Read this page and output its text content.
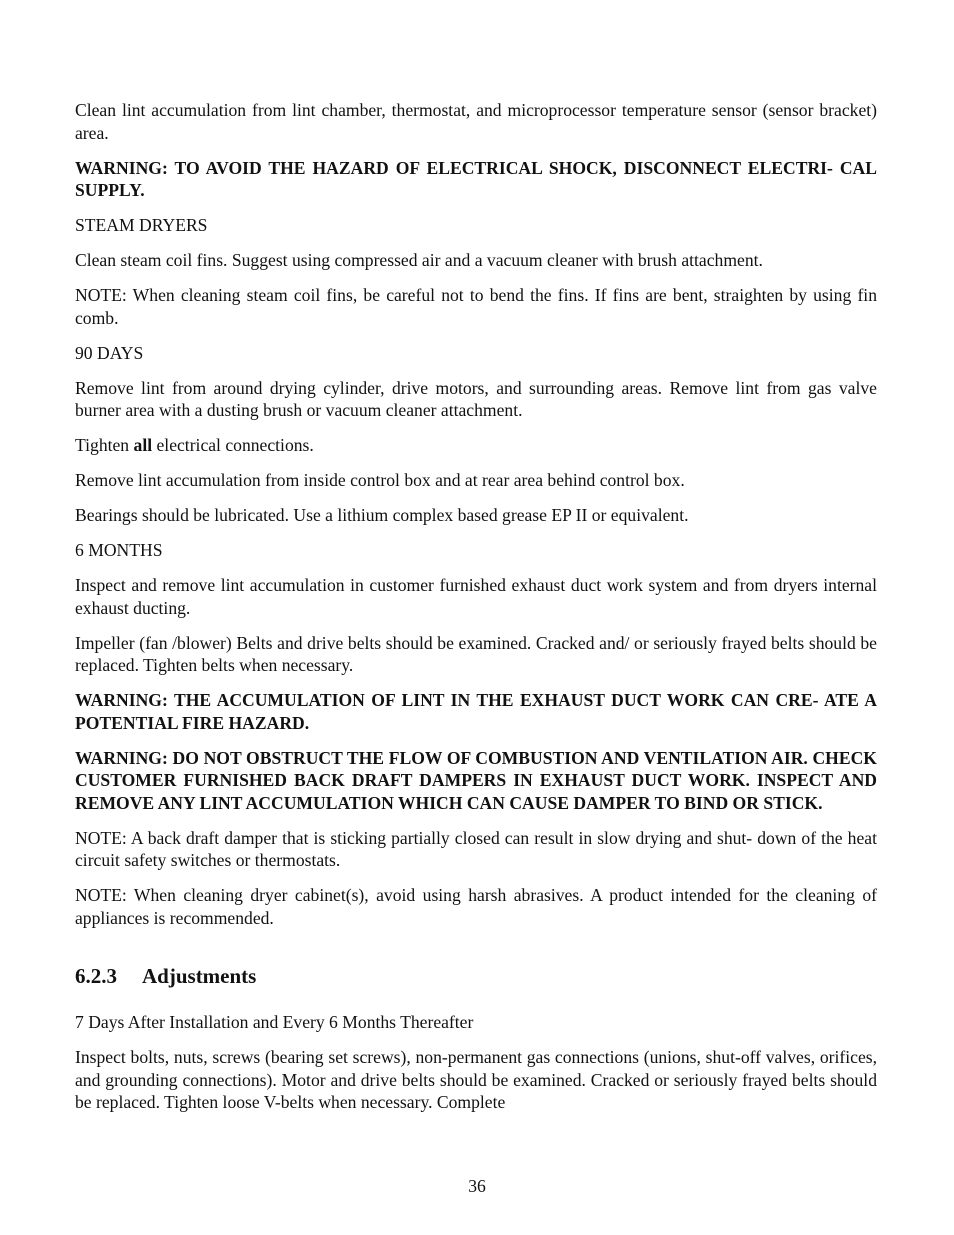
Clean lint accumulation from lint chamber, thermostat, and microprocessor temperature sensor (sensor bracket) area.

WARNING: TO AVOID THE HAZARD OF ELECTRICAL SHOCK, DISCONNECT ELECTRI- CAL SUPPLY.

STEAM DRYERS

Clean steam coil fins. Suggest using compressed air and a vacuum cleaner with brush attachment.

NOTE: When cleaning steam coil fins, be careful not to bend the fins. If fins are bent, straighten by using fin comb.

90 DAYS

Remove lint from around drying cylinder, drive motors, and surrounding areas. Remove lint from gas valve burner area with a dusting brush or vacuum cleaner attachment.

Tighten all electrical connections.

Remove lint accumulation from inside control box and at rear area behind control box.

Bearings should be lubricated. Use a lithium complex based grease EP II or equivalent.

6 MONTHS

Inspect and remove lint accumulation in customer furnished exhaust duct work system and from dryers internal exhaust ducting.

Impeller (fan /blower) Belts and drive belts should be examined. Cracked and/ or seriously frayed belts should be replaced. Tighten belts when necessary.

WARNING: THE ACCUMULATION OF LINT IN THE EXHAUST DUCT WORK CAN CRE- ATE A POTENTIAL FIRE HAZARD.

WARNING: DO NOT OBSTRUCT THE FLOW OF COMBUSTION AND VENTILATION AIR. CHECK CUSTOMER FURNISHED BACK DRAFT DAMPERS IN EXHAUST DUCT WORK. INSPECT AND REMOVE ANY LINT ACCUMULATION WHICH CAN CAUSE DAMPER TO BIND OR STICK.

NOTE: A back draft damper that is sticking partially closed can result in slow drying and shut- down of the heat circuit safety switches or thermostats.

NOTE: When cleaning dryer cabinet(s), avoid using harsh abrasives. A product intended for the cleaning of appliances is recommended.

6.2.3 Adjustments

7 Days After Installation and Every 6 Months Thereafter

Inspect bolts, nuts, screws (bearing set screws), non-permanent gas connections (unions, shut-off valves, orifices, and grounding connections). Motor and drive belts should be examined. Cracked or seriously frayed belts should be replaced. Tighten loose V-belts when necessary. Complete

36
